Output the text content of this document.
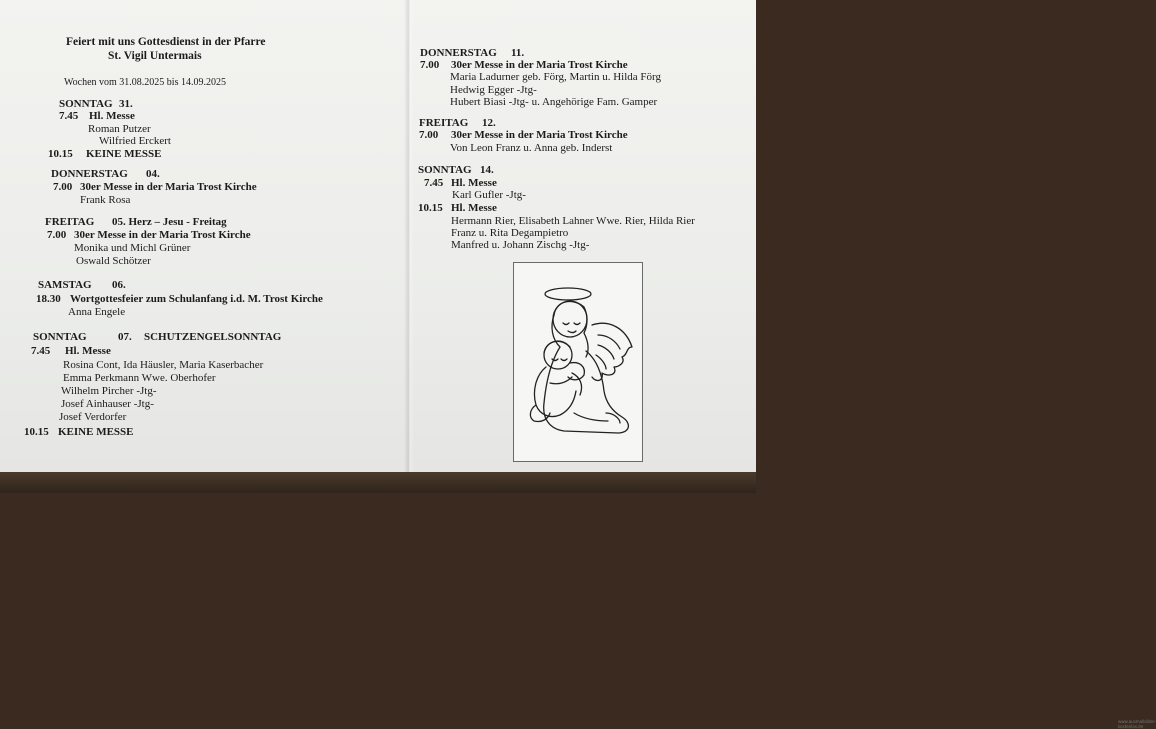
Feiert mit uns Gottesdienst in der Pfarre
St. Vigil Untermais
Wochen vom 31.08.2025 bis 14.09.2025
SONNTAG 31.
7.45 Hl. Messe
Roman Putzer
Wilfried Erckert
10.15 KEINE MESSE
DONNERSTAG 04.
7.00 30er Messe in der Maria Trost Kirche
Frank Rosa
FREITAG 05. Herz – Jesu - Freitag
7.00 30er Messe in der Maria Trost Kirche
Monika und Michl Grüner
Oswald Schötzer
SAMSTAG 06.
18.30 Wortgottesfeier zum Schulanfang i.d. M. Trost Kirche
Anna Engele
SONNTAG	07. SCHUTZENGELSONNTAG
7.45 Hl. Messe
Rosina Cont, Ida Häusler, Maria Kaserbacher
Emma Perkmann Wwe. Oberhofer
Wilhelm Pircher -Jtg-
Josef Ainhauser -Jtg-
Josef Verdorfer
10.15 KEINE MESSE
DONNERSTAG 11.
7.00 30er Messe in der Maria Trost Kirche
Maria Ladurner geb. Förg, Martin u. Hilda Förg
Hedwig Egger -Jtg-
Hubert Biasi -Jtg- u. Angehörige Fam. Gamper
FREITAG 12.
7.00 30er Messe in der Maria Trost Kirche
Von Leon Franz u. Anna geb. Inderst
SONNTAG 14.
7.45 Hl. Messe
Karl Gufler -Jtg-
10.15 Hl. Messe
Hermann Rier, Elisabeth Lahner Wwe. Rier, Hilda Rier
Franz u. Rita Degampietro
Manfred u. Johann Zischg -Jtg-
www.ausmalbilder-kostenlos.de
